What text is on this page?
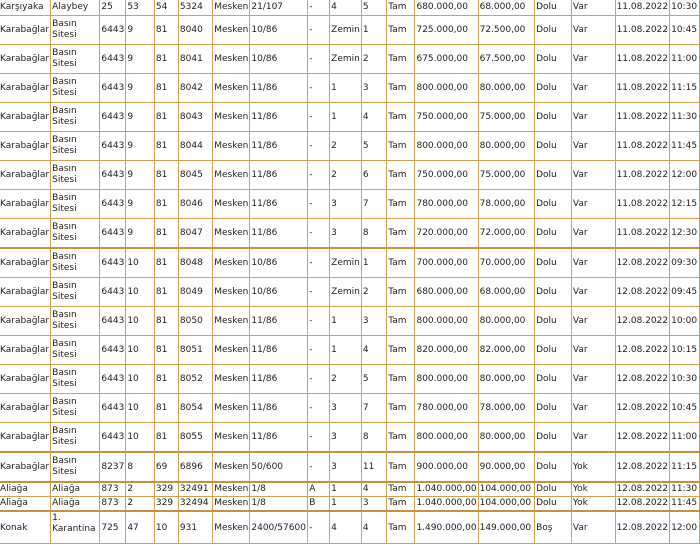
Karşıyaka	Alaybey	25	53	54	5324	Mesken	21/107	-	4	5	Tam	680.000,00	68.000,00	Dolu	Var	11.08.2022	10:30
Karabağlar	Basın Sitesi	6443	9	81	8040	Mesken	10/86	-	Zemin	1	Tam	725.000,00	72.500,00	Dolu	Var	11.08.2022	10:45
Karabağlar	Basın Sitesi	6443	9	81	8041	Mesken	10/86	-	Zemin	2	Tam	675.000,00	67.500,00	Dolu	Var	11.08.2022	11:00
Karabağlar	Basın Sitesi	6443	9	81	8042	Mesken	11/86	-	1	3	Tam	800.000,00	80.000,00	Dolu	Var	11.08.2022	11:15
Karabağlar	Basın Sitesi	6443	9	81	8043	Mesken	11/86	-	1	4	Tam	750.000,00	75.000,00	Dolu	Var	11.08.2022	11:30
Karabağlar	Basın Sitesi	6443	9	81	8044	Mesken	11/86	-	2	5	Tam	800.000,00	80.000,00	Dolu	Var	11.08.2022	11:45
Karabağlar	Basın Sitesi	6443	9	81	8045	Mesken	11/86	-	2	6	Tam	750.000,00	75.000,00	Dolu	Var	11.08.2022	12:00
Karabağlar	Basın Sitesi	6443	9	81	8046	Mesken	11/86	-	3	7	Tam	780.000,00	78.000,00	Dolu	Var	11.08.2022	12:15
Karabağlar	Basın Sitesi	6443	9	81	8047	Mesken	11/86	-	3	8	Tam	720.000,00	72.000,00	Dolu	Var	11.08.2022	12:30
Karabağlar	Basın Sitesi	6443	10	81	8048	Mesken	10/86	-	Zemin	1	Tam	700.000,00	70.000,00	Dolu	Var	12.08.2022	09:30
Karabağlar	Basın Sitesi	6443	10	81	8049	Mesken	10/86	-	Zemin	2	Tam	680.000,00	68.000,00	Dolu	Var	12.08.2022	09:45
Karabağlar	Basın Sitesi	6443	10	81	8050	Mesken	11/86	-	1	3	Tam	800.000,00	80.000,00	Dolu	Var	12.08.2022	10:00
Karabağlar	Basın Sitesi	6443	10	81	8051	Mesken	11/86	-	1	4	Tam	820.000,00	82.000,00	Dolu	Var	12.08.2022	10:15
Karabağlar	Basın Sitesi	6443	10	81	8052	Mesken	11/86	-	2	5	Tam	800.000,00	80.000,00	Dolu	Var	12.08.2022	10:30
Karabağlar	Basın Sitesi	6443	10	81	8054	Mesken	11/86	-	3	7	Tam	780.000,00	78.000,00	Dolu	Var	12.08.2022	10:45
Karabağlar	Basın Sitesi	6443	10	81	8055	Mesken	11/86	-	3	8	Tam	800.000,00	80.000,00	Dolu	Var	12.08.2022	11:00
Karabağlar	Basın Sitesi	8237	8	69	6896	Mesken	50/600	-	3	11	Tam	900.000,00	90.000,00	Dolu	Yok	12.08.2022	11:15
Aliağa	Aliağa	873	2	329	32491	Mesken	1/8	A	1	4	Tam	1.040.000,00	104.000,00	Dolu	Yok	12.08.2022	11:30
Aliağa	Aliağa	873	2	329	32494	Mesken	1/8	B	1	3	Tam	1.040.000,00	104.000,00	Dolu	Yok	12.08.2022	11:45
Konak	1. Karantina	725	47	10	931	Mesken	2400/57600	-	4	4	Tam	1.490.000,00	149.000,00	Boş	Var	12.08.2022	12:00
